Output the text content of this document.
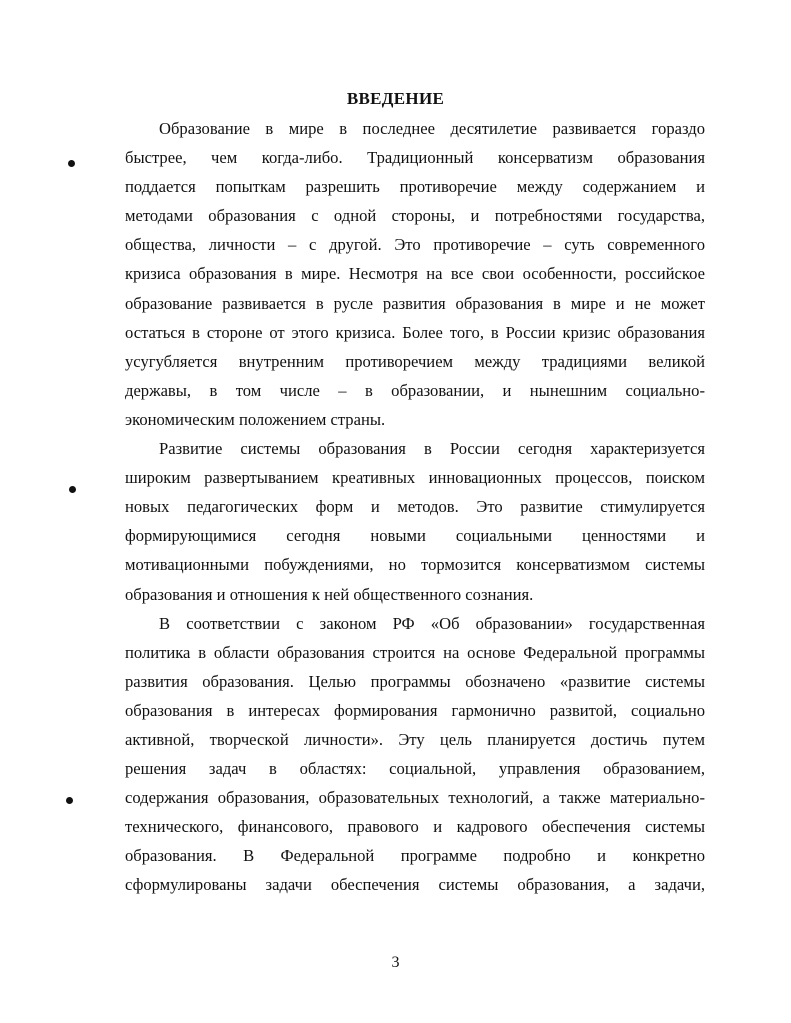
ВВЕДЕНИЕ
Образование в мире в последнее десятилетие развивается гораздо
быстрее, чем когда-либо. Традиционный консерватизм образования
поддается попыткам разрешить противоречие между содержанием и
методами образования с одной стороны, и потребностями государства,
общества, личности – с другой. Это противоречие – суть современного
кризиса образования в мире. Несмотря на все свои особенности, российское
образование развивается в русле развития образования в мире и не может
остаться в стороне от этого кризиса. Более того, в России кризис образования
усугубляется внутренним противоречием между традициями великой
державы, в том числе – в образовании, и нынешним социально-
экономическим положением страны.
Развитие системы образования в России сегодня характеризуется
широким развертыванием креативных инновационных процессов, поиском
новых педагогических форм и методов. Это развитие стимулируется
формирующимися сегодня новыми социальными ценностями и
мотивационными побуждениями, но тормозится консерватизмом системы
образования и отношения к ней общественного сознания.
В соответствии с законом РФ «Об образовании» государственная
политика в области образования строится на основе Федеральной программы
развития образования. Целью программы обозначено «развитие системы
образования в интересах формирования гармонично развитой, социально
активной, творческой личности». Эту цель планируется достичь путем
решения задач в областях: социальной, управления образованием,
содержания образования, образовательных технологий, а также материально-
технического, финансового, правового и кадрового обеспечения системы
образования. В Федеральной программе подробно и конкретно
сформулированы задачи обеспечения системы образования, а задачи,
3
